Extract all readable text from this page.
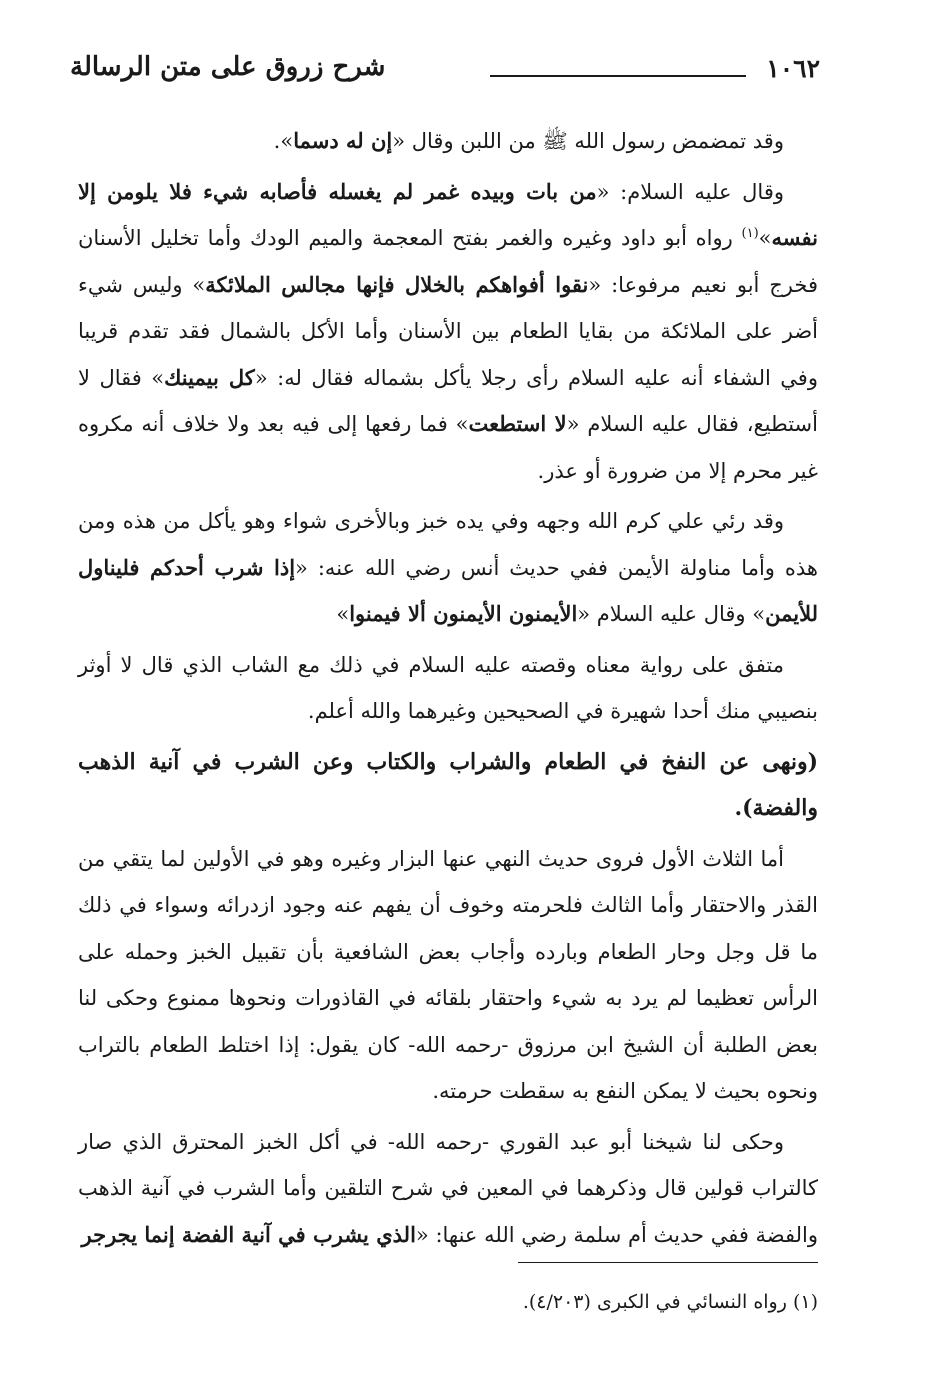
١٠٦٢
شرح زروق على متن الرسالة

وقد تمضمض رسول الله ﷺ من اللبن وقال «إن له دسما».

وقال عليه السلام: «من بات وبيده غمر لم يغسله فأصابه شيء فلا يلومن إلا نفسه»$^{(١)}$ رواه أبو داود وغيره والغمر بفتح المعجمة والميم الودك وأما تخليل الأسنان فخرج أبو نعيم مرفوعا: «نقوا أفواهكم بالخلال فإنها مجالس الملائكة» وليس شيء أضر على الملائكة من بقايا الطعام بين الأسنان وأما الأكل بالشمال فقد تقدم قريبا وفي الشفاء أنه عليه السلام رأى رجلا يأكل بشماله فقال له: «كل بيمينك» فقال لا أستطيع، فقال عليه السلام «لا استطعت» فما رفعها إلى فيه بعد ولا خلاف أنه مكروه غير محرم إلا من ضرورة أو عذر.

وقد رئي علي كرم الله وجهه وفي يده خبز وبالأخرى شواء وهو يأكل من هذه ومن هذه وأما مناولة الأيمن ففي حديث أنس رضي الله عنه: «إذا شرب أحدكم فليناول للأيمن» وقال عليه السلام «الأيمنون الأيمنون ألا فيمنوا»

متفق على رواية معناه وقصته عليه السلام في ذلك مع الشاب الذي قال لا أوثر بنصيبي منك أحدا شهيرة في الصحيحين وغيرهما والله أعلم.

(ونهى عن النفخ في الطعام والشراب والكتاب وعن الشرب في آنية الذهب والفضة).

أما الثلاث الأول فروى حديث النهي عنها البزار وغيره وهو في الأولين لما يتقي من القذر والاحتقار وأما الثالث فلحرمته وخوف أن يفهم عنه وجود ازدرائه وسواء في ذلك ما قل وجل وحار الطعام وبارده وأجاب بعض الشافعية بأن تقبيل الخبز وحمله على الرأس تعظيما لم يرد به شيء واحتقار بلقائه في القاذورات ونحوها ممنوع وحكى لنا بعض الطلبة أن الشيخ ابن مرزوق -رحمه الله- كان يقول: إذا اختلط الطعام بالتراب ونحوه بحيث لا يمكن النفع به سقطت حرمته.

وحكى لنا شيخنا أبو عبد القوري -رحمه الله- في أكل الخبز المحترق الذي صار كالتراب قولين قال وذكرهما في المعين في شرح التلقين وأما الشرب في آنية الذهب والفضة ففي حديث أم سلمة رضي الله عنها: «الذي يشرب في آنية الفضة إنما يجرجر

(١) رواه النسائي في الكبرى (٤/٢٠٣).
